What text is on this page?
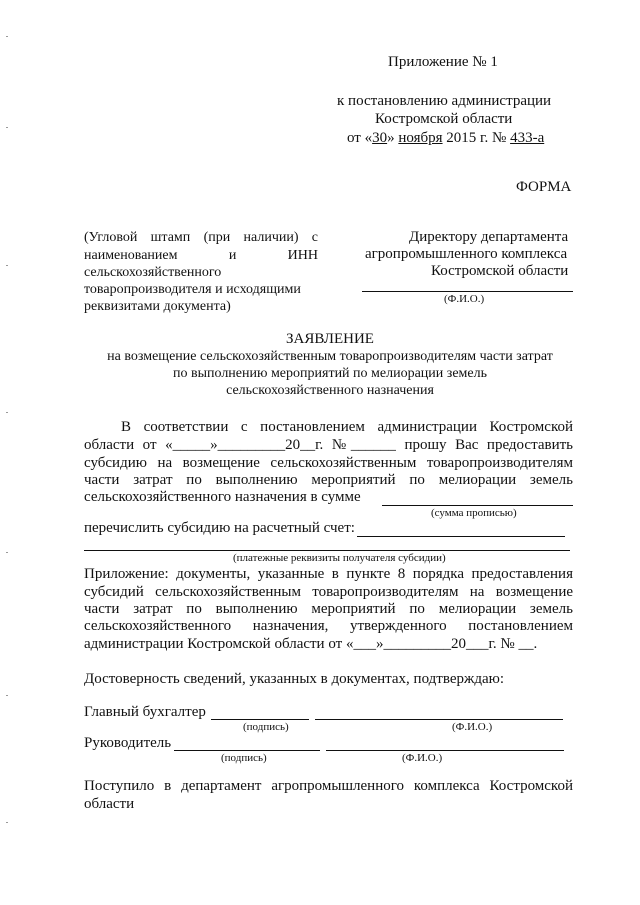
Приложение № 1
к постановлению администрации
Костромской области
от «30» ноября 2015 г. № 433-а
ФОРМА
(Угловой штамп (при наличии) с
наименованием и ИНН
сельскохозяйственного
товаропроизводителя и исходящими
реквизитами документа)
Директору департамента
агропромышленного комплекса
Костромской области
(Ф.И.О.)
ЗАЯВЛЕНИЕ
на возмещение сельскохозяйственным товаропроизводителям части затрат
по выполнению мероприятий по мелиорации земель
сельскохозяйственного назначения
В соответствии с постановлением администрации Костромской
области от «_____»_________20__г. №______ прошу Вас предоставить
субсидию на возмещение сельскохозяйственным товаропроизводителям
части затрат по выполнению мероприятий по мелиорации земель
сельскохозяйственного назначения в сумме
(сумма прописью)
перечислить субсидию на расчетный счет:
(платежные реквизиты получателя субсидии)
Приложение: документы, указанные в пункте 8 порядка предоставления
субсидий сельскохозяйственным товаропроизводителям на возмещение
части затрат по выполнению мероприятий по мелиорации земель
сельскохозяйственного назначения, утвержденного постановлением
администрации Костромской области от «___»_________20___г. № __.
Достоверность сведений, указанных в документах, подтверждаю:
Главный бухгалтер
(подпись)	(Ф.И.О.)
Руководитель
(подпись)	(Ф.И.О.)
Поступило в департамент агропромышленного комплекса Костромской
области
